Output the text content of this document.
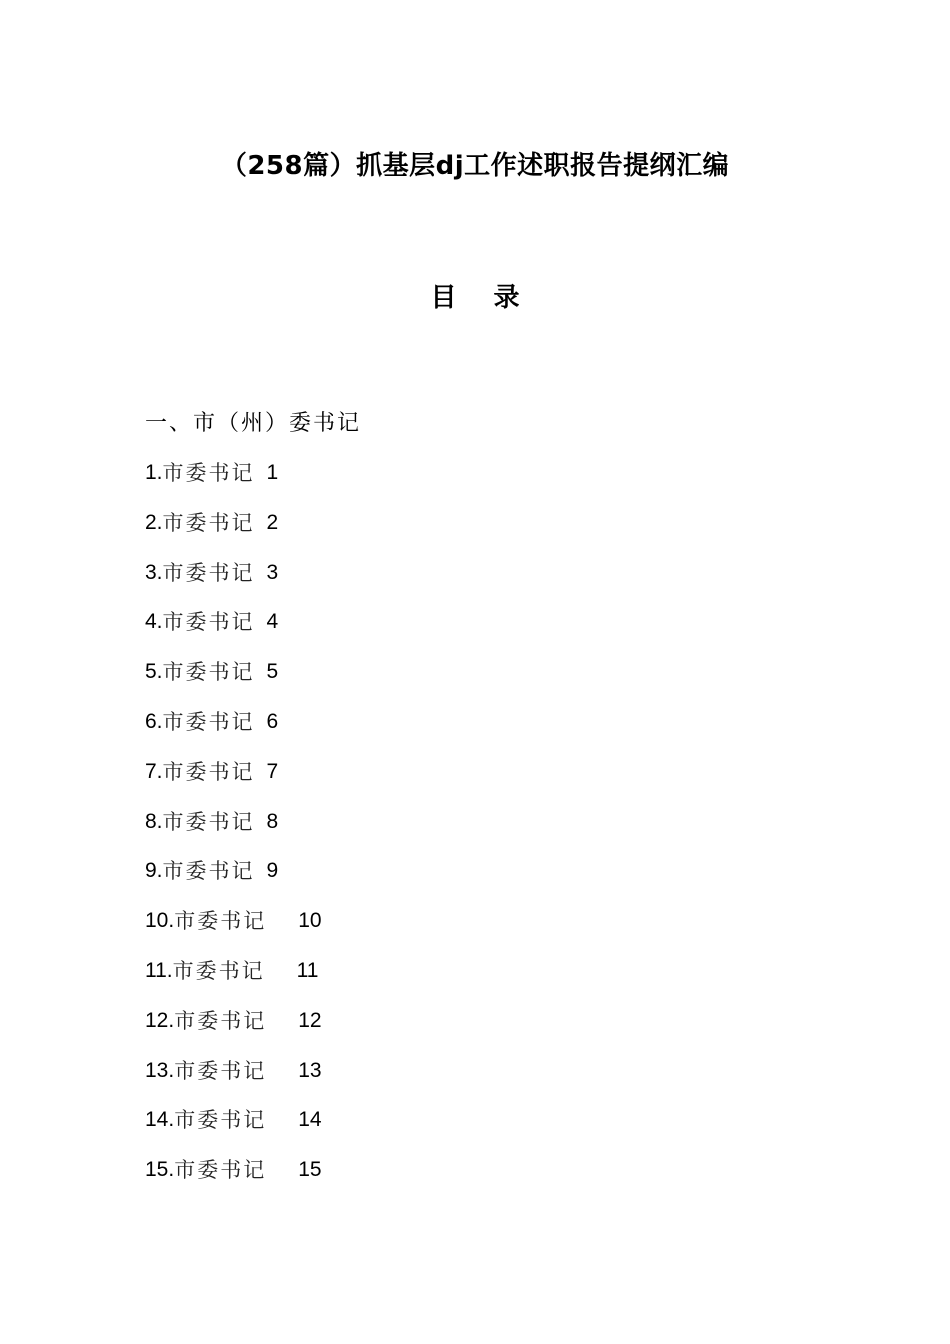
（258篇）抓基层dj工作述职报告提纲汇编
目 录
一、市（州）委书记
1. 市委书记 1
2. 市委书记 2
3. 市委书记 3
4. 市委书记 4
5. 市委书记 5
6. 市委书记 6
7. 市委书记 7
8. 市委书记 8
9. 市委书记 9
10. 市委书记 10
11. 市委书记 11
12. 市委书记 12
13. 市委书记 13
14. 市委书记 14
15. 市委书记 15
